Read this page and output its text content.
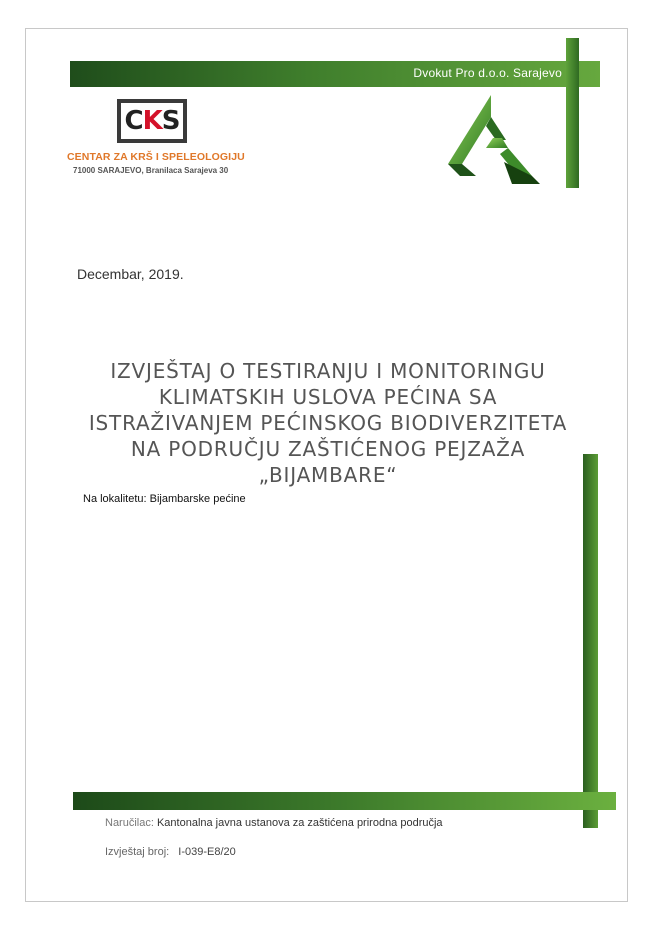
Dvokut Pro d.o.o. Sarajevo
CKS
CENTAR ZA KRŠ I SPELEOLOGIJU
71000 SARAJEVO, Branilaca Sarajeva 30
Decembar, 2019.
IZVJEŠTAJ O TESTIRANJU I MONITORINGU
KLIMATSKIH USLOVA PEĆINA SA
ISTRAŽIVANJEM PEĆINSKOG BIODIVERZITETA
NA PODRUČJU ZAŠTIĆENOG PEJZAŽA
„BIJAMBARE“
Na lokalitetu: Bijambarske pećine
Naručilac: Kantonalna javna ustanova za zaštićena prirodna područja
Izvještaj broj: I-039-E8/20
